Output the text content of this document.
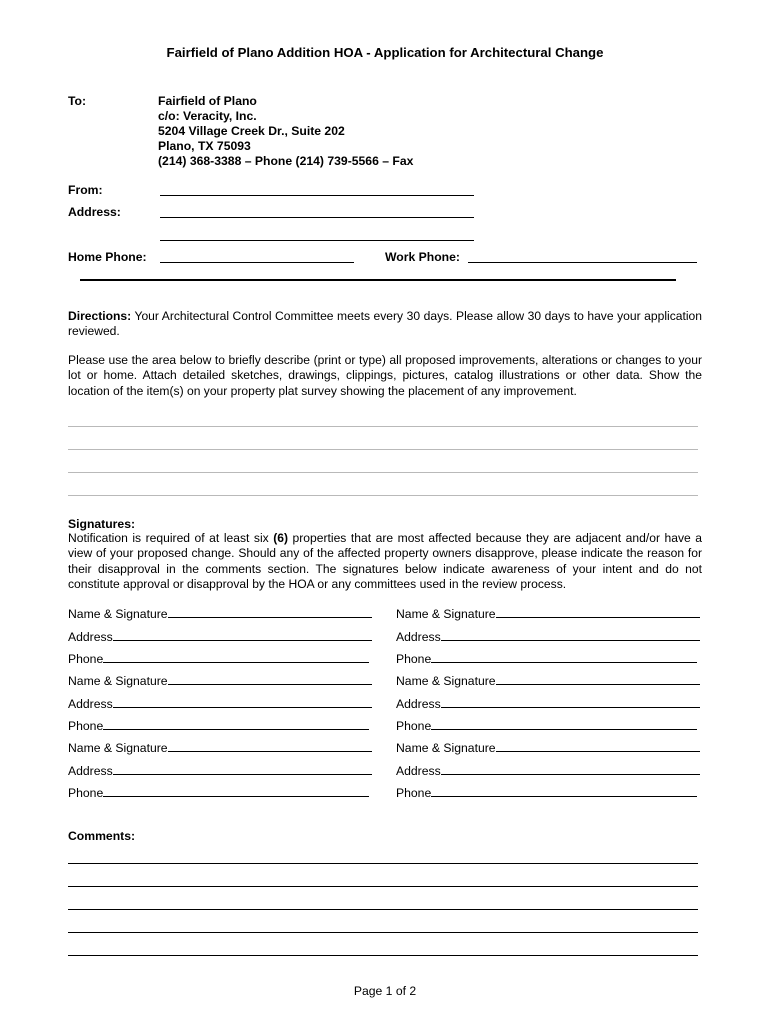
Fairfield of Plano Addition HOA - Application for Architectural Change
To:	Fairfield of Plano
c/o: Veracity, Inc.
5204 Village Creek Dr., Suite 202
Plano, TX 75093
(214) 368-3388 – Phone (214) 739-5566 – Fax
From:
Address:
Home Phone:	Work Phone:
Directions: Your Architectural Control Committee meets every 30 days. Please allow 30 days to have your application reviewed.
Please use the area below to briefly describe (print or type) all proposed improvements, alterations or changes to your lot or home. Attach detailed sketches, drawings, clippings, pictures, catalog illustrations or other data. Show the location of the item(s) on your property plat survey showing the placement of any improvement.
Signatures:
Notification is required of at least six (6) properties that are most affected because they are adjacent and/or have a view of your proposed change. Should any of the affected property owners disapprove, please indicate the reason for their disapproval in the comments section. The signatures below indicate awareness of your intent and do not constitute approval or disapproval by the HOA or any committees used in the review process.
Name & Signature
Address
Phone
Name & Signature
Address
Phone
Name & Signature
Address
Phone
Name & Signature
Address
Phone
Name & Signature
Address
Phone
Name & Signature
Address
Phone
Comments:
Page 1 of 2
